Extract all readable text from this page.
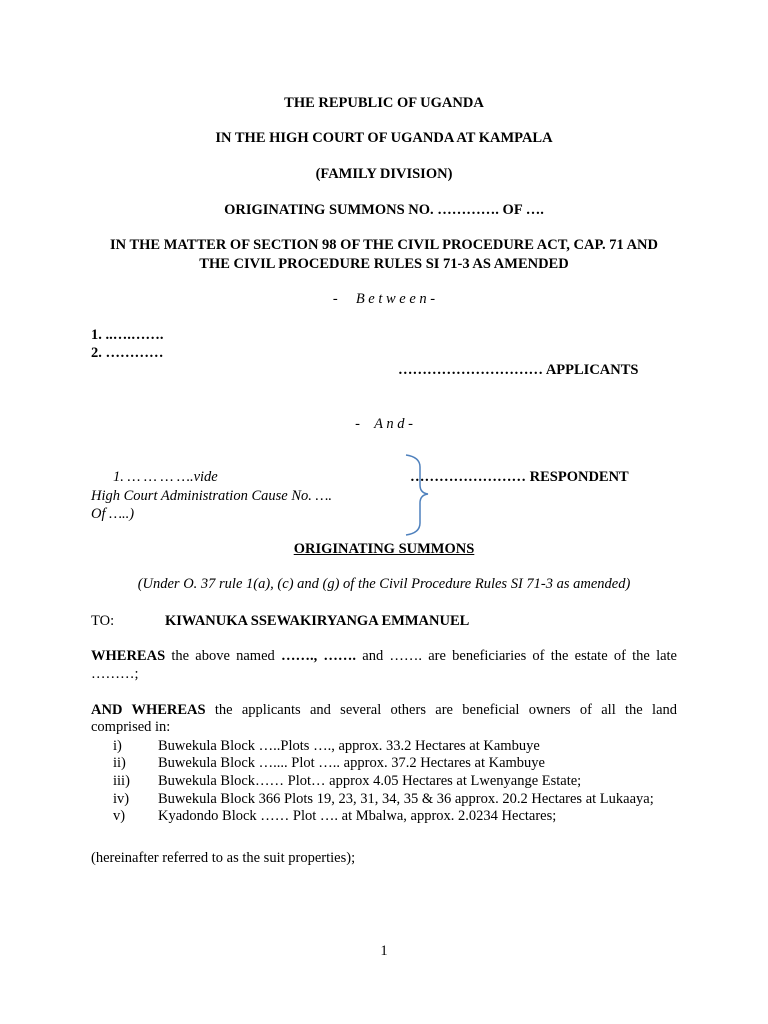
THE REPUBLIC OF UGANDA
IN THE HIGH COURT OF UGANDA AT KAMPALA
(FAMILY DIVISION)
ORIGINATING SUMMONS NO. …………. OF ….
IN THE MATTER OF SECTION 98 OF THE CIVIL PROCEDURE ACT, CAP. 71 AND
THE CIVIL PROCEDURE RULES SI 71-3 AS AMENDED
-     B e t w e e n -
1. ..….…….
2. …………
………………………… APPLICANTS
-    A n d -
1. … … … ….vide
High Court Administration Cause No. ….
Of …..)
…………………… RESPONDENT
ORIGINATING SUMMONS
(Under O. 37 rule 1(a), (c) and (g) of the Civil Procedure Rules SI 71-3 as amended)
TO:	KIWANUKA SSEWAKIRYANGA EMMANUEL
WHEREAS the above named ……., ……. and ……. are beneficiaries of the estate of the late
………;
AND WHEREAS the applicants and several others are beneficial owners of all the land
comprised in:
i) Buwekula Block …..Plots …., approx. 33.2 Hectares at Kambuye
ii) Buwekula Block ….... Plot ….. approx. 37.2 Hectares at Kambuye
iii) Buwekula Block…… Plot… approx 4.05 Hectares at Lwenyange Estate;
iv) Buwekula Block 366 Plots 19, 23, 31, 34, 35 & 36 approx. 20.2 Hectares at Lukaaya;
v) Kyadondo Block …… Plot …. at Mbalwa, approx. 2.0234 Hectares;
(hereinafter referred to as the suit properties);
1
